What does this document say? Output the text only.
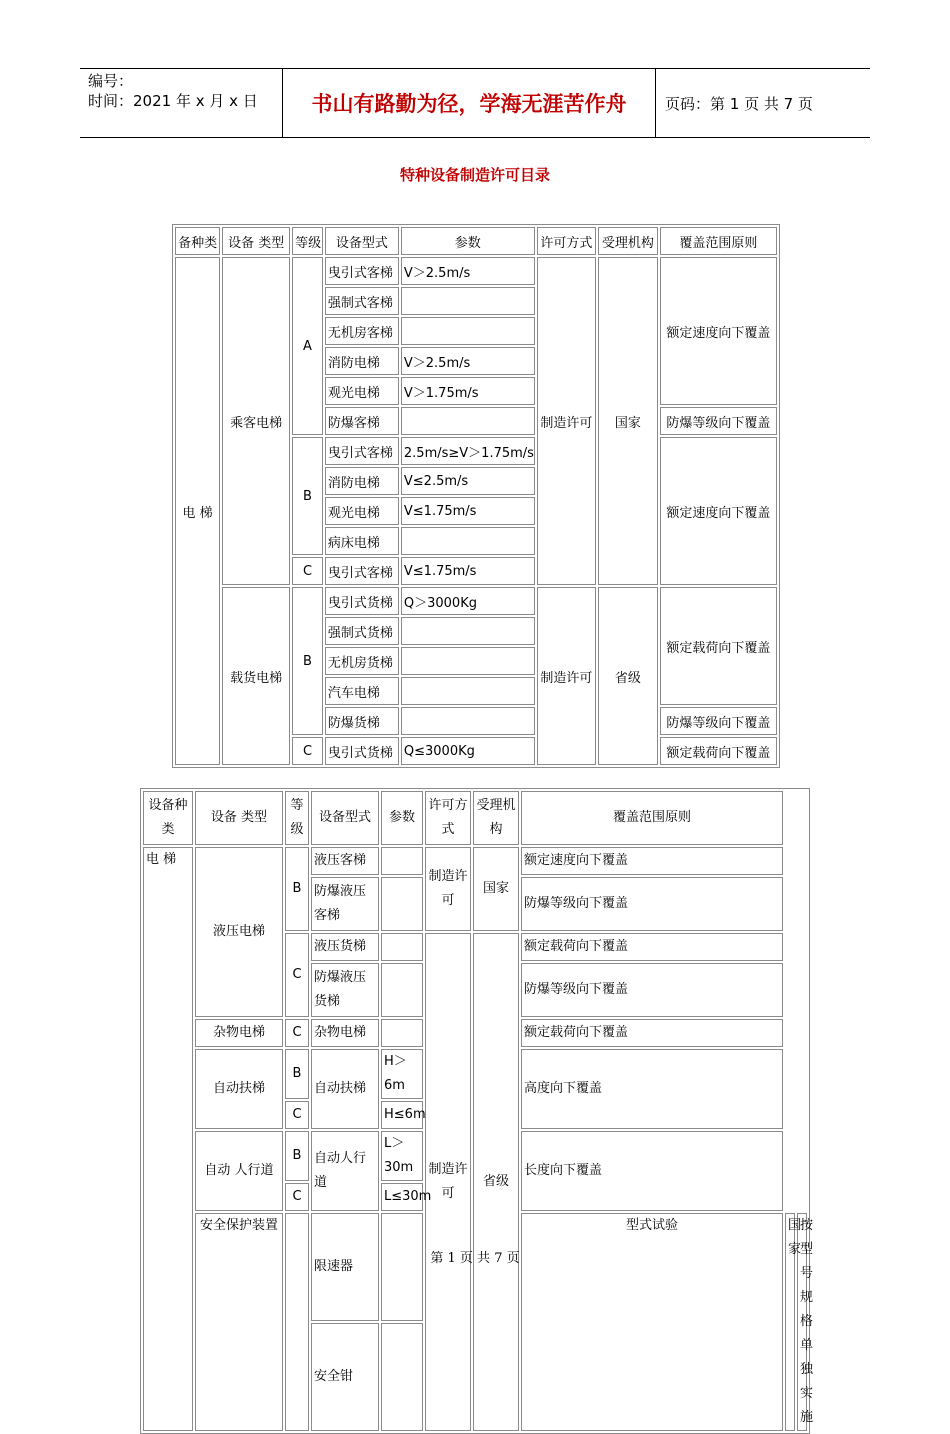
编号：
时间：2021 年 x 月 x 日	书山有路勤为径，学海无涯苦作舟	页码：第 1 页 共 7 页
特种设备制造许可目录
备种类	设备 类型	等级	设备型式	参数	许可方式	受理机构	覆盖范围原则
电 梯	乘客电梯	A	曳引式客梯	V＞2.5m/s	制造许可	国家	额定速度向下覆盖
			强制式客梯				
			无机房客梯				
			消防电梯	V＞2.5m/s			
			观光电梯	V＞1.75m/s			
			防爆客梯				防爆等级向下覆盖
		B	曳引式客梯	2.5m/s≥V＞1.75m/s			额定速度向下覆盖
			消防电梯	V≤2.5m/s			
			观光电梯	V≤1.75m/s			
			病床电梯				
		C	曳引式客梯	V≤1.75m/s			
	载货电梯	B	曳引式货梯	Q＞3000Kg	制造许可	省级	额定载荷向下覆盖
			强制式货梯				
			无机房货梯				
			汽车电梯				
			防爆货梯				防爆等级向下覆盖
		C	曳引式货梯	Q≤3000Kg			额定载荷向下覆盖
设备种类	设备 类型	等级	设备型式	参数	许可方式	受理机构	覆盖范围原则		
电 梯	液压电梯	B	液压客梯		制造许可	国家	额定速度向下覆盖		
			防爆液压客梯				防爆等级向下覆盖		
		C	液压货梯		制造许可	省级	额定载荷向下覆盖		
			防爆液压货梯				防爆等级向下覆盖		
	杂物电梯	C	杂物电梯				额定载荷向下覆盖		
	自动扶梯	B	自动扶梯	H＞6m			高度向下覆盖		
		C		H≤6m					
	自动 人行道	B	自动人行道	L＞30m			长度向下覆盖		
		C		L≤30m					
	安全保护装置		限速器				型式试验	国家	按型号规格单独实施
			安全钳						
第 1 页 共 7 页
